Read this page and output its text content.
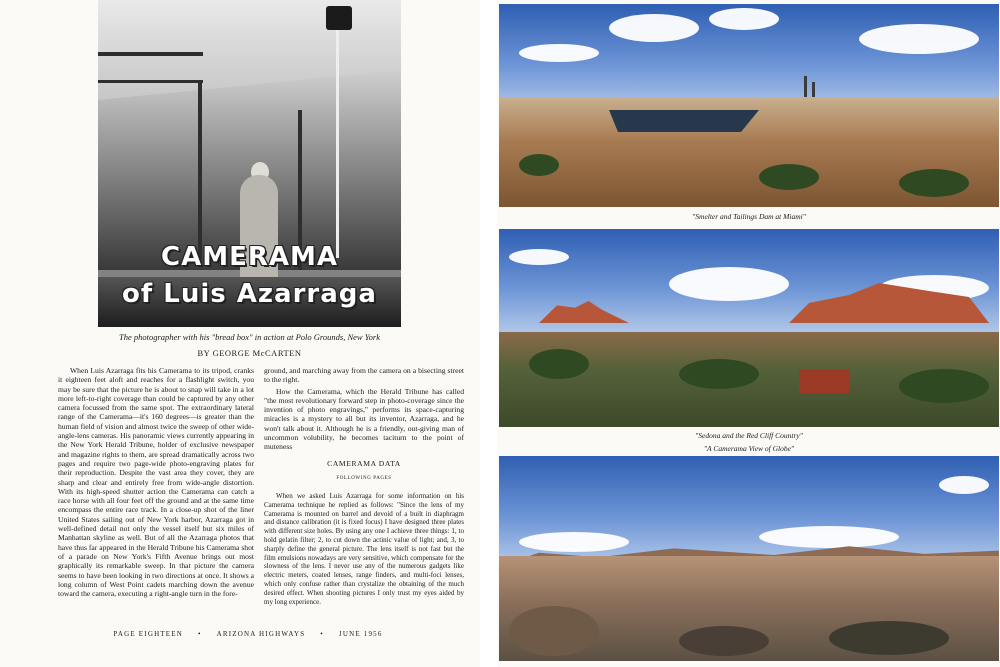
CAMERAMA
of Luis Azarraga
The photographer with his "bread box" in action at Polo Grounds, New York
BY GEORGE McCARTEN
When Luis Azarraga fits his Camerama to its tripod, cranks it eighteen feet aloft and reaches for a flashlight switch, you may be sure that the picture he is about to snap will take in a lot more left-to-right coverage than could be captured by any other camera focussed from the same spot. The extraordinary lateral range of the Camerama—it's 160 degrees—is greater than the human field of vision and almost twice the sweep of other wide-angle-lens cameras. His panoramic views currently appearing in the New York Herald Tribune, holder of exclusive newspaper and magazine rights to them, are spread dramatically across two pages and require two page-wide photo-engraving plates for their reproduction. Despite the vast area they cover, they are sharp and clear and entirely free from wide-angle distortion. With its high-speed shutter action the Camerama can catch a race horse with all four feet off the ground and at the same time encompass the entire race track. In a close-up shot of the liner United States sailing out of New York harbor, Azarraga got in well-defined detail not only the vessel itself but six miles of Manhattan skyline as well. But of all the Azarraga photos that have thus far appeared in the Herald Tribune his Camerama shot of a parade on New York's Fifth Avenue brings out most graphically its remarkable sweep. In that picture the camera seems to have been looking in two directions at once. It shows a long column of West Point cadets marching down the avenue toward the camera, executing a right-angle turn in the fore-
ground, and marching away from the camera on a bisecting street to the right.
How the Camerama, which the Herald Tribune has called "the most revolutionary forward step in photo-coverage since the invention of photo engravings," performs its space-capturing miracles is a mystery to all but its inventor, Azarraga, and he won't talk about it. Although he is a friendly, out-giving man of uncommon volubility, he becomes taciturn to the point of muteness
CAMERAMA DATA
FOLLOWING PAGES
When we asked Luis Azarraga for some information on his Camerama technique he replied as follows: "Since the lens of my Camerama is mounted on barrel and devoid of a built in diaphragm and distance calibration (it is fixed focus) I have designed three plates with different size holes. By using any one I achieve three things: 1, to hold gelatin filter; 2, to cut down the actinic value of light; and, 3, to sharply define the general picture. The lens itself is not fast but the film emulsions nowadays are very sensitive, which compensate for the slowness of the lens. I never use any of the numerous gadgets like electric meters, coated lenses, range finders, and multi-foci lenses, which only confuse rather than crystalize the obtaining of the much desired effect. When shooting pictures I only trust my eyes aided by my long experience.
PAGE EIGHTEEN • ARIZONA HIGHWAYS • JUNE 1956
"Smelter and Tailings Dam at Miami"
"Sedona and the Red Cliff Country"
"A Camerama View of Globe"
